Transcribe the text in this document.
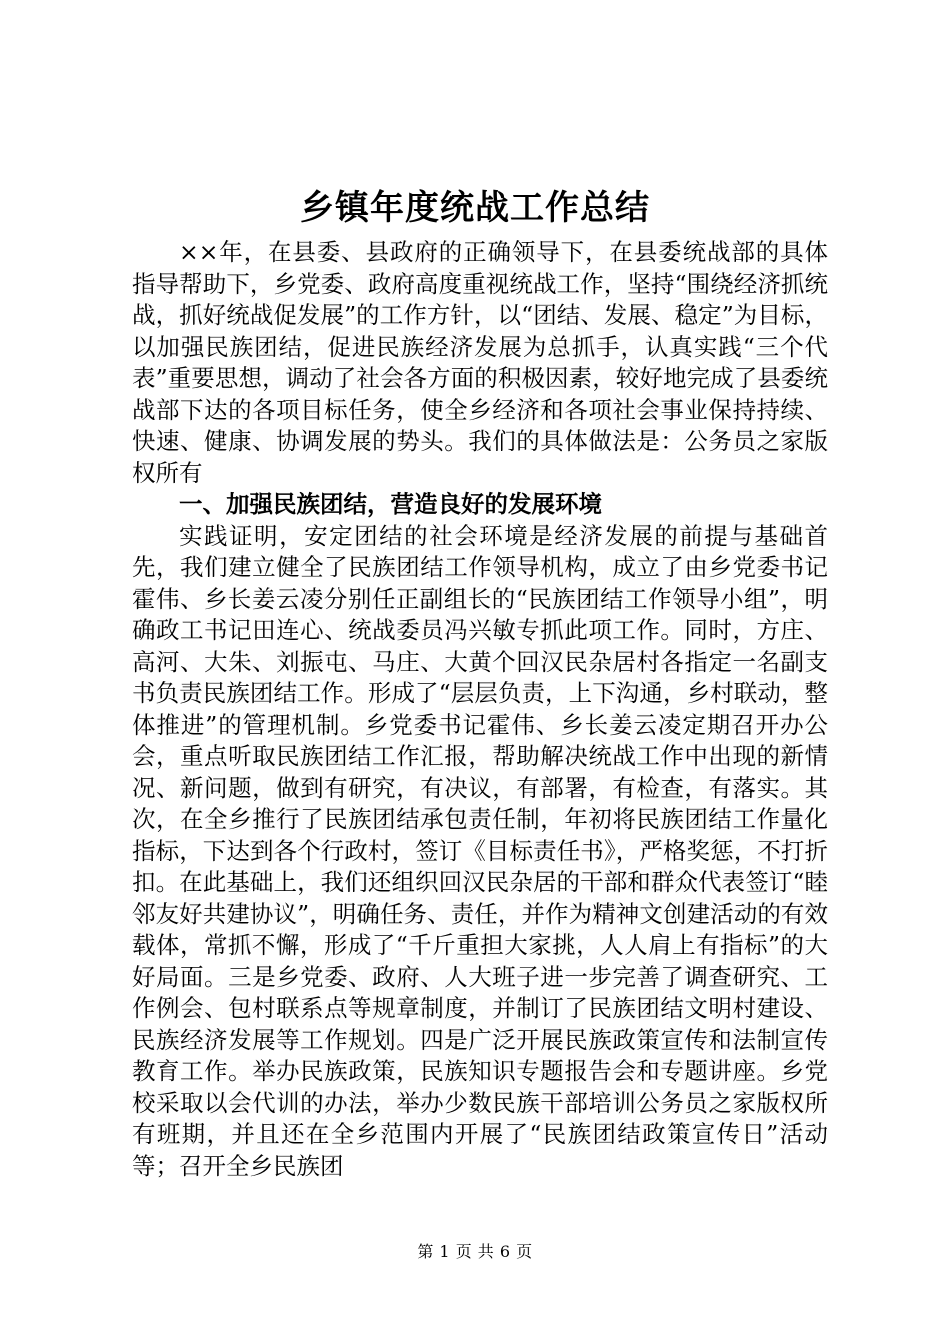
乡镇年度统战工作总结

××年，在县委、县政府的正确领导下，在县委统战部的具体指导帮助下，乡党委、政府高度重视统战工作，坚持“围绕经济抓统战，抓好统战促发展”的工作方针，以“团结、发展、稳定”为目标，以加强民族团结，促进民族经济发展为总抓手，认真实践“三个代表”重要思想，调动了社会各方面的积极因素，较好地完成了县委统战部下达的各项目标任务，使全乡经济和各项社会事业保持持续、快速、健康、协调发展的势头。我们的具体做法是：公务员之家版权所有

一、加强民族团结，营造良好的发展环境

实践证明，安定团结的社会环境是经济发展的前提与基础首先，我们建立健全了民族团结工作领导机构，成立了由乡党委书记霍伟、乡长姜云凌分别任正副组长的“民族团结工作领导小组”，明确政工书记田连心、统战委员冯兴敏专抓此项工作。同时，方庄、高河、大朱、刘振屯、马庄、大黄个回汉民杂居村各指定一名副支书负责民族团结工作。形成了“层层负责，上下沟通，乡村联动，整体推进”的管理机制。乡党委书记霍伟、乡长姜云凌定期召开办公会，重点听取民族团结工作汇报，帮助解决统战工作中出现的新情况、新问题，做到有研究，有决议，有部署，有检查，有落实。其次，在全乡推行了民族团结承包责任制，年初将民族团结工作量化指标，下达到各个行政村，签订《目标责任书》，严格奖惩，不打折扣。在此基础上，我们还组织回汉民杂居的干部和群众代表签订“睦邻友好共建协议”，明确任务、责任，并作为精神文创建活动的有效载体，常抓不懈，形成了“千斤重担大家挑，人人肩上有指标”的大好局面。三是乡党委、政府、人大班子进一步完善了调查研究、工作例会、包村联系点等规章制度，并制订了民族团结文明村建设、民族经济发展等工作规划。四是广泛开展民族政策宣传和法制宣传教育工作。举办民族政策，民族知识专题报告会和专题讲座。乡党校采取以会代训的办法，举办少数民族干部培训公务员之家版权所有班期，并且还在全乡范围内开展了“民族团结政策宣传日”活动等；召开全乡民族团

第 1 页 共 6 页
